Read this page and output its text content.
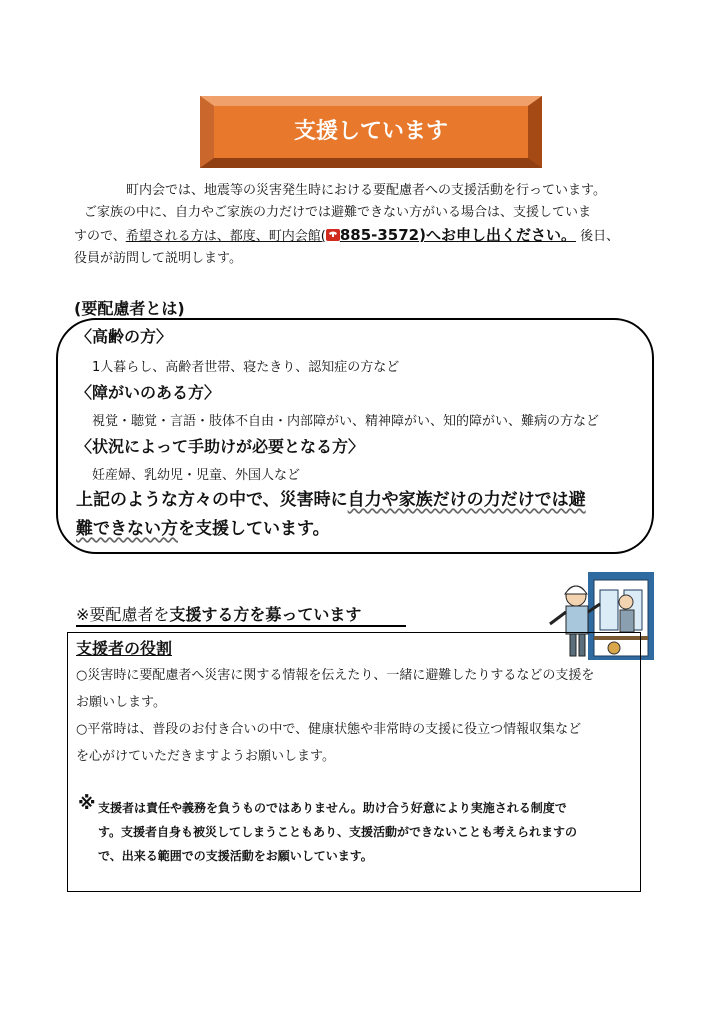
支援しています

町内会では、地震等の災害発生時における要配慮者への支援活動を行っています。

ご家族の中に、自力やご家族の力だけでは避難できない方がいる場合は、支援していま

すので、希望される方は、都度、町内会館( 885-3572)へお申し出ください。 後日、

役員が訪問して説明します。

(要配慮者とは)
〈高齢の方〉
1人暮らし、高齢者世帯、寝たきり、認知症の方など
〈障がいのある方〉
視覚・聴覚・言語・肢体不自由・内部障がい、精神障がい、知的障がい、難病の方など
〈状況によって手助けが必要となる方〉
妊産婦、乳幼児・児童、外国人など
上記のような方々の中で、災害時に自力や家族だけの力だけでは避
難できない方を支援しています。
※要配慮者を支援する方を募っています
支援者の役割
○災害時に要配慮者へ災害に関する情報を伝えたり、一緒に避難したりするなどの支援を
お願いします。
○平常時は、普段のお付き合いの中で、健康状態や非常時の支援に役立つ情報収集など
を心がけていただきますようお願いします。
※ 支援者は責任や義務を負うものではありません。助け合う好意により実施される制度で
す。支援者自身も被災してしまうこともあり、支援活動ができないことも考えられますの
で、出来る範囲での支援活動をお願いしています。
